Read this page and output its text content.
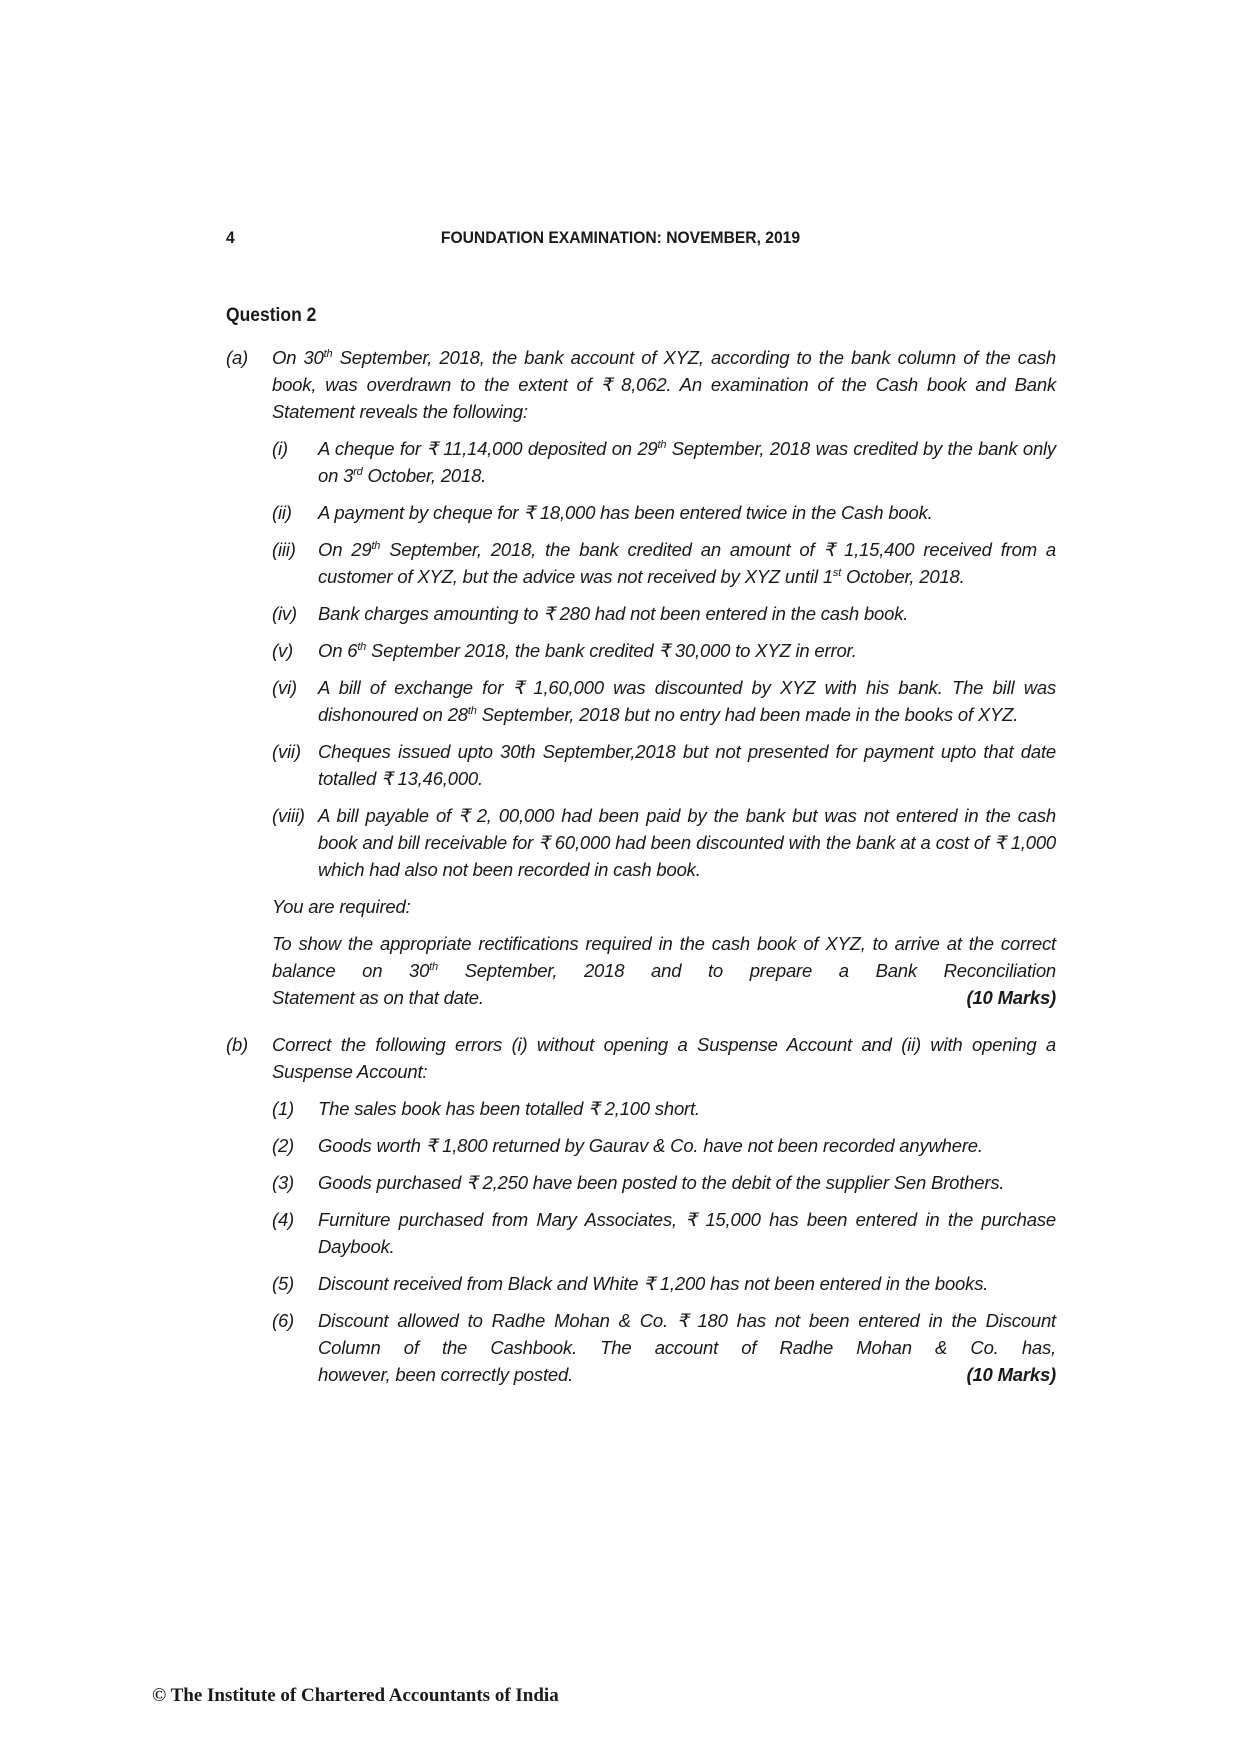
4	FOUNDATION EXAMINATION: NOVEMBER, 2019
Question 2
(a)	On 30th September, 2018, the bank account of XYZ, according to the bank column of the cash book, was overdrawn to the extent of ₹ 8,062. An examination of the Cash book and Bank Statement reveals the following:

(i)	A cheque for ₹ 11,14,000 deposited on 29th September, 2018 was credited by the bank only on 3rd October, 2018.
(ii)	A payment by cheque for ₹ 18,000 has been entered twice in the Cash book.
(iii)	On 29th September, 2018, the bank credited an amount of ₹ 1,15,400 received from a customer of XYZ, but the advice was not received by XYZ until 1st October, 2018.
(iv)	Bank charges amounting to ₹ 280 had not been entered in the cash book.
(v)	On 6th September 2018, the bank credited ₹ 30,000 to XYZ in error.
(vi)	A bill of exchange for ₹ 1,60,000 was discounted by XYZ with his bank. The bill was dishonoured on 28th September, 2018 but no entry had been made in the books of XYZ.
(vii) Cheques issued upto 30th September,2018 but not presented for payment upto that date totalled ₹ 13,46,000.
(viii) A bill payable of ₹ 2, 00,000 had been paid by the bank but was not entered in the cash book and bill receivable for ₹ 60,000 had been discounted with the bank at a cost of ₹ 1,000 which had also not been recorded in cash book.

You are required:

To show the appropriate rectifications required in the cash book of XYZ, to arrive at the correct balance on 30th September, 2018 and to prepare a Bank Reconciliation
Statement as on that date.	(10 Marks)
(b)	Correct the following errors (i) without opening a Suspense Account and (ii) with opening a Suspense Account:

(1)	The sales book has been totalled ₹ 2,100 short.
(2)	Goods worth ₹ 1,800 returned by Gaurav & Co. have not been recorded anywhere.
(3)	Goods purchased ₹ 2,250 have been posted to the debit of the supplier Sen Brothers.
(4)	Furniture purchased from Mary Associates, ₹ 15,000 has been entered in the purchase Daybook.
(5)	Discount received from Black and White ₹ 1,200 has not been entered in the books.
(6)	Discount allowed to Radhe Mohan & Co. ₹ 180 has not been entered in the Discount Column of the Cashbook. The account of Radhe Mohan & Co. has,
however, been correctly posted.	(10 Marks)
© The Institute of Chartered Accountants of India
